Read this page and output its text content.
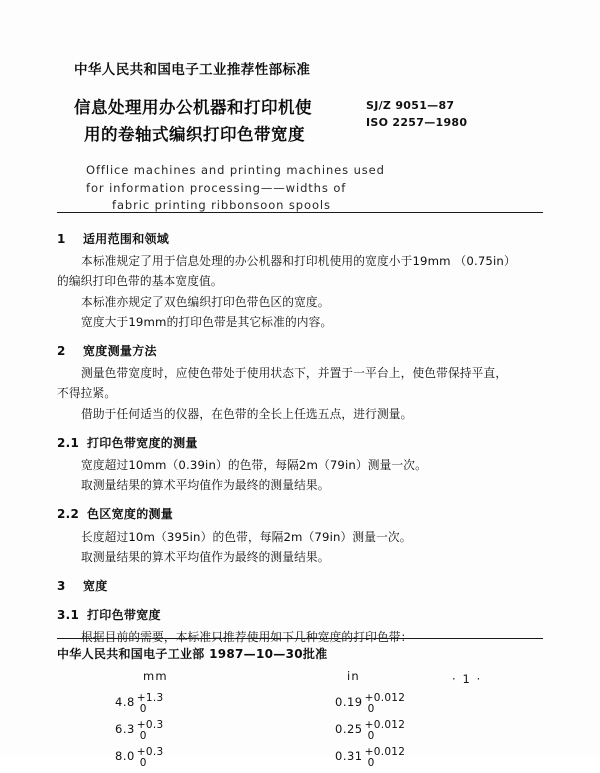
中华人民共和国电子工业推荐性部标准
信息处理用办公机器和打印机使
用的卷轴式编织打印色带宽度
SJ/Z 9051—87
ISO 2257—1980
Offlice machines and printing machines used
for information processing——widths of
fabric printing ribbonsoon spools
1 适用范围和领域

本标准规定了用于信息处理的办公机器和打印机使用的宽度小于19mm （0.75in）

的编织打印色带的基本宽度值。

本标准亦规定了双色编织打印色带色区的宽度。

宽度大于19mm的打印色带是其它标准的内容。

2 宽度测量方法

测量色带宽度时，应使色带处于使用状态下，并置于一平台上，使色带保持平直，

不得拉紧。

借助于任何适当的仪器，在色带的全长上任选五点，进行测量。

2.1 打印色带宽度的测量

宽度超过10mm（0.39in）的色带，每隔2m（79in）测量一次。

取测量结果的算术平均值作为最终的测量结果。

2.2 色区宽度的测量

长度超过10m（395in）的色带，每隔2m（79in）测量一次。

取测量结果的算术平均值作为最终的测量结果。

3 宽度
3.1 打印色带宽度

根据目前的需要，本标准只推荐使用如下几种宽度的打印色带：

mm	in
4.8 +1.3
0
0.19 +0.012
0
6.3 +0.3
0
0.25 +0.012
0
8.0 +0.3
0
0.31 +0.012
0
中华人民共和国电子工业部 1987—10—30批准
· 1 ·
